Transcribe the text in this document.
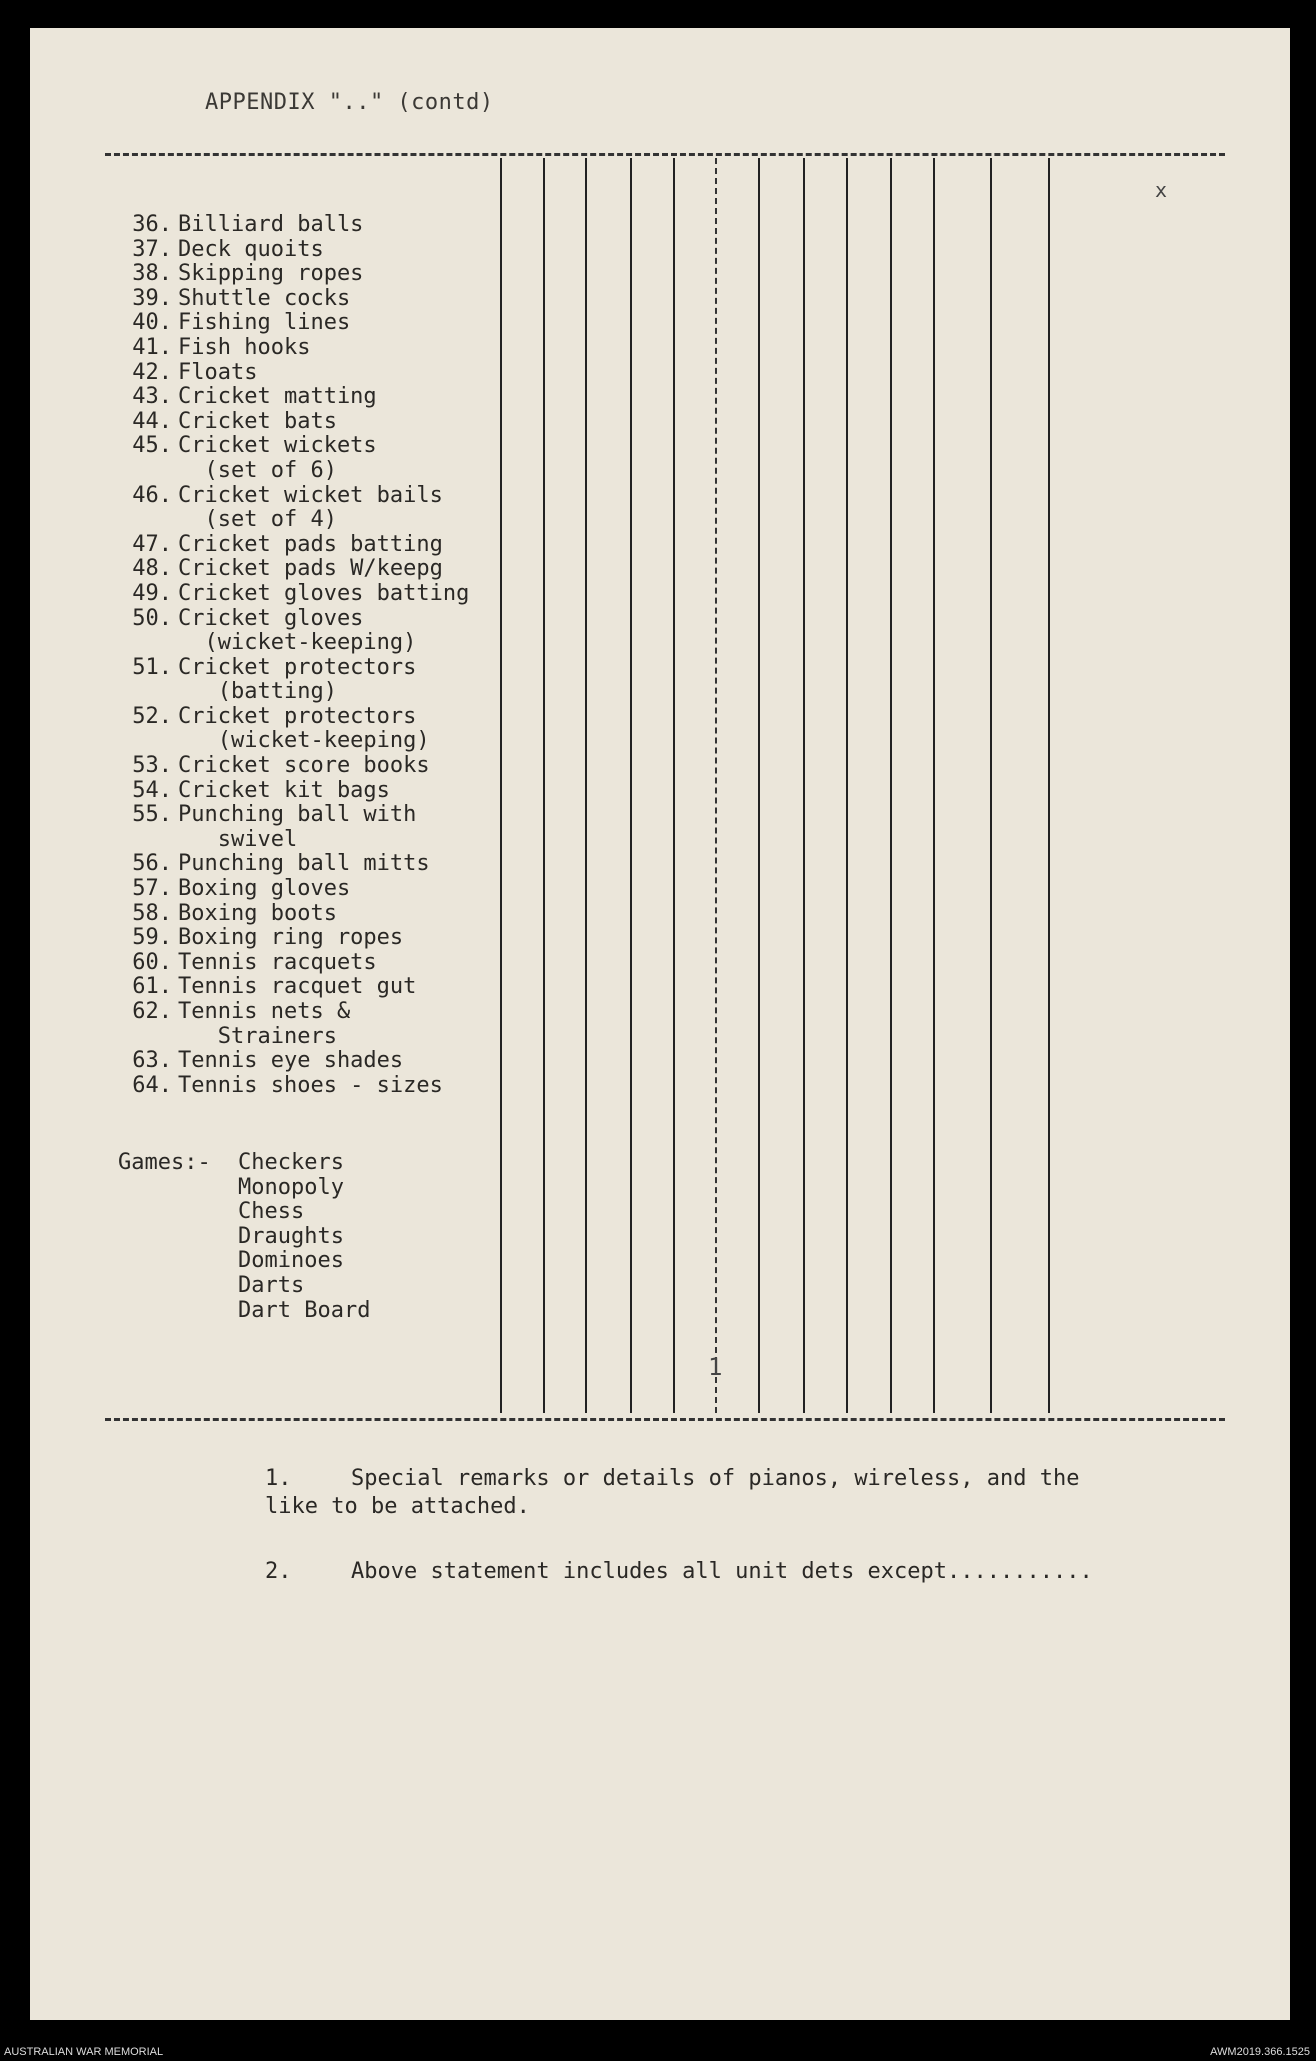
APPENDIX ".." (contd)
x
1
36. Billiard balls
37. Deck quoits
38. Skipping ropes
39. Shuttle cocks
40. Fishing lines
41. Fish hooks
42. Floats
43. Cricket matting
44. Cricket bats
45. Cricket wickets
(set of 6)
46. Cricket wicket bails
(set of 4)
47. Cricket pads batting
48. Cricket pads W/keepg
49. Cricket gloves batting
50. Cricket gloves
(wicket-keeping)
51. Cricket protectors
(batting)
52. Cricket protectors
(wicket-keeping)
53. Cricket score books
54. Cricket kit bags
55. Punching ball with
swivel
56. Punching ball mitts
57. Boxing gloves
58. Boxing boots
59. Boxing ring ropes
60. Tennis racquets
61. Tennis racquet gut
62. Tennis nets &
Strainers
63. Tennis eye shades
64. Tennis shoes - sizes
Games:-	Checkers
Monopoly
Chess
Draughts
Dominoes
Darts
Dart Board
1.	Special remarks or details of pianos, wireless, and the
like to be attached.
2.	Above statement includes all unit dets except...........
AUSTRALIAN WAR MEMORIAL	AWM2019.366.1525
